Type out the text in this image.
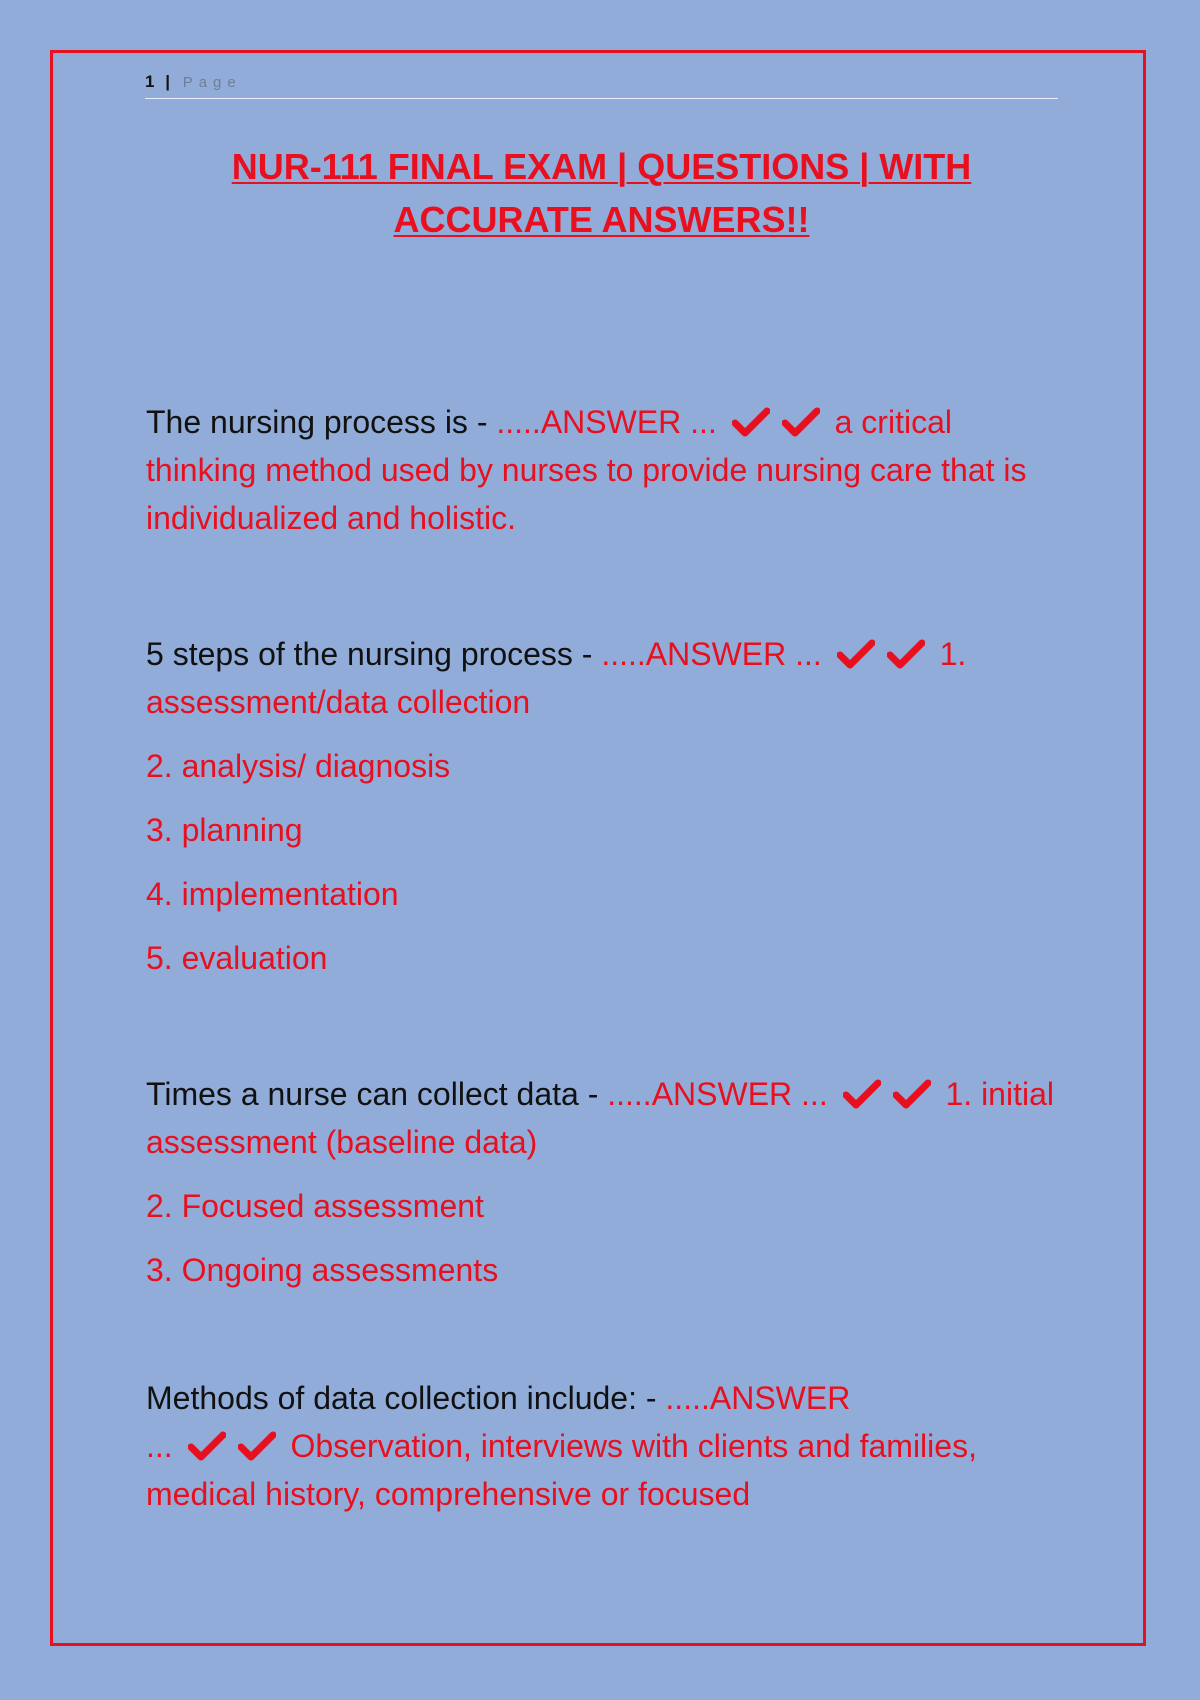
1 | Page
NUR-111 FINAL EXAM | QUESTIONS | WITH
ACCURATE ANSWERS!!

The nursing process is - .....ANSWER ...	a critical thinking method used by nurses to provide nursing care that is individualized and holistic.

5 steps of the nursing process - .....ANSWER ...	1. assessment/data collection

2. analysis/ diagnosis
3. planning
4. implementation
5. evaluation

Times a nurse can collect data - .....ANSWER ...	1. initial assessment (baseline data)

2. Focused assessment
3. Ongoing assessments

Methods of data collection include: - .....ANSWER
...	Observation, interviews with clients and families, medical history, comprehensive or focused
